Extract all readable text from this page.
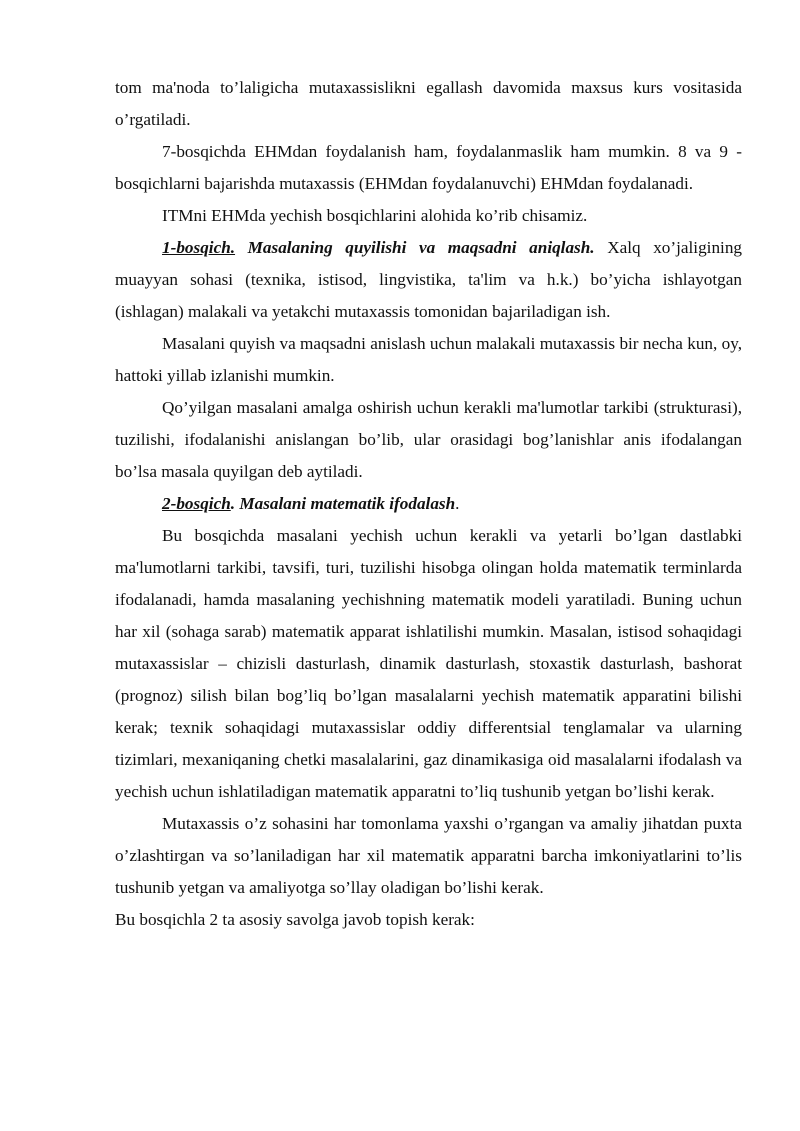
tom ma'noda to’laligicha mutaxassislikni egallash davomida maxsus kurs vositasida o’rgatiladi.

7-bosqichda EHMdan foydalanish ham, foydalanmaslik ham mumkin. 8 va 9 - bosqichlarni bajarishda mutaxassis (EHMdan foydalanuvchi) EHMdan foydalanadi.

ITMni EHMda yechish bosqichlarini alohida ko’rib chisamiz.

1-bosqich. Masalaning quyilishi va maqsadni aniqlash. Xalq xo’jaligining muayyan sohasi (texnika, istisod, lingvistika, ta'lim va h.k.) bo’yicha ishlayotgan (ishlagan) malakali va yetakchi mutaxassis tomonidan bajariladigan ish.

Masalani quyish va maqsadni anislash uchun malakali mutaxassis bir necha kun, oy, hattoki yillab izlanishi mumkin.

Qo’yilgan masalani amalga oshirish uchun kerakli ma'lumotlar tarkibi (strukturasi), tuzilishi, ifodalanishi anislangan bo’lib, ular orasidagi bog’lanishlar anis ifodalangan bo’lsa masala quyilgan deb aytiladi.

2-bosqich. Masalani matematik ifodalash.

Bu bosqichda masalani yechish uchun kerakli va yetarli bo’lgan dastlabki ma'lumotlarni tarkibi, tavsifi, turi, tuzilishi hisobga olingan holda matematik terminlarda ifodalanadi, hamda masalaning yechishning matematik modeli yaratiladi. Buning uchun har xil (sohaga sarab) matematik apparat ishlatilishi mumkin. Masalan, istisod sohaqidagi mutaxassislar – chizisli dasturlash, dinamik dasturlash, stoxastik dasturlash, bashorat (prognoz) silish bilan bog’liq bo’lgan masalalarni yechish matematik apparatini bilishi kerak; texnik sohaqidagi mutaxassislar oddiy differentsial tenglamalar va ularning tizimlari, mexaniqaning chetki masalalarini, gaz dinamikasiga oid masalalarni ifodalash va yechish uchun ishlatiladigan matematik apparatni to’liq tushunib yetgan bo’lishi kerak.

Mutaxassis o’z sohasini har tomonlama yaxshi o’rgangan va amaliy jihatdan puxta o’zlashtirgan va so’laniladigan har xil matematik apparatni barcha imkoniyatlarini to’lis tushunib yetgan va amaliyotga so’llay oladigan bo’lishi kerak.

Bu bosqichla 2 ta asosiy savolga javob topish kerak:
